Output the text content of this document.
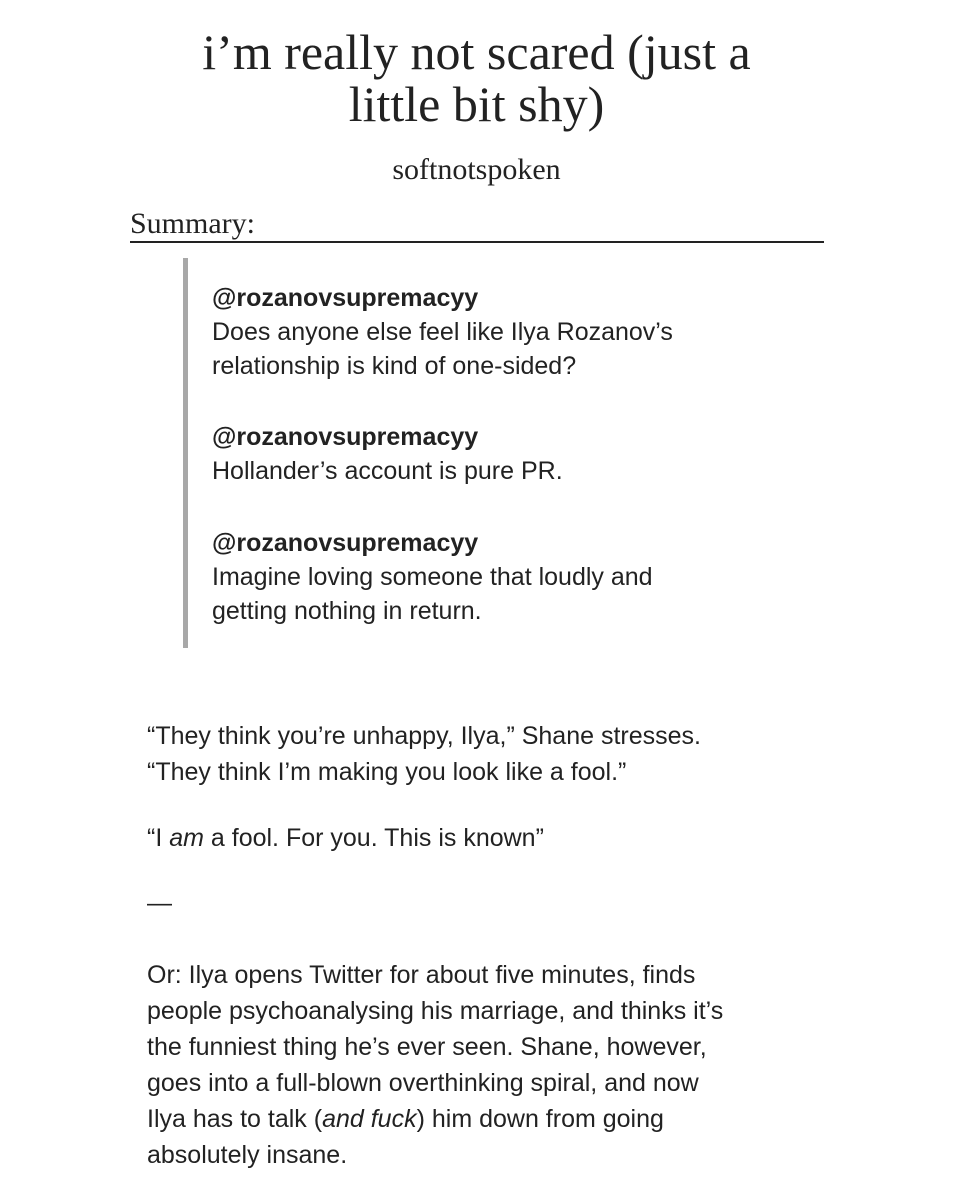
i’m really not scared (just a
little bit shy)
softnotspoken
Summary:
@rozanovsupremacyy
Does anyone else feel like Ilya Rozanov’s
relationship is kind of one-sided?
@rozanovsupremacyy
Hollander’s account is pure PR.
@rozanovsupremacyy
Imagine loving someone that loudly and
getting nothing in return.

“They think you’re unhappy, Ilya,” Shane stresses.
“They think I’m making you look like a fool.”

“I am a fool. For you. This is known”

—

Or: Ilya opens Twitter for about five minutes, finds
people psychoanalysing his marriage, and thinks it’s
the funniest thing he’s ever seen. Shane, however,
goes into a full-blown overthinking spiral, and now
Ilya has to talk (and fuck) him down from going
absolutely insane.
